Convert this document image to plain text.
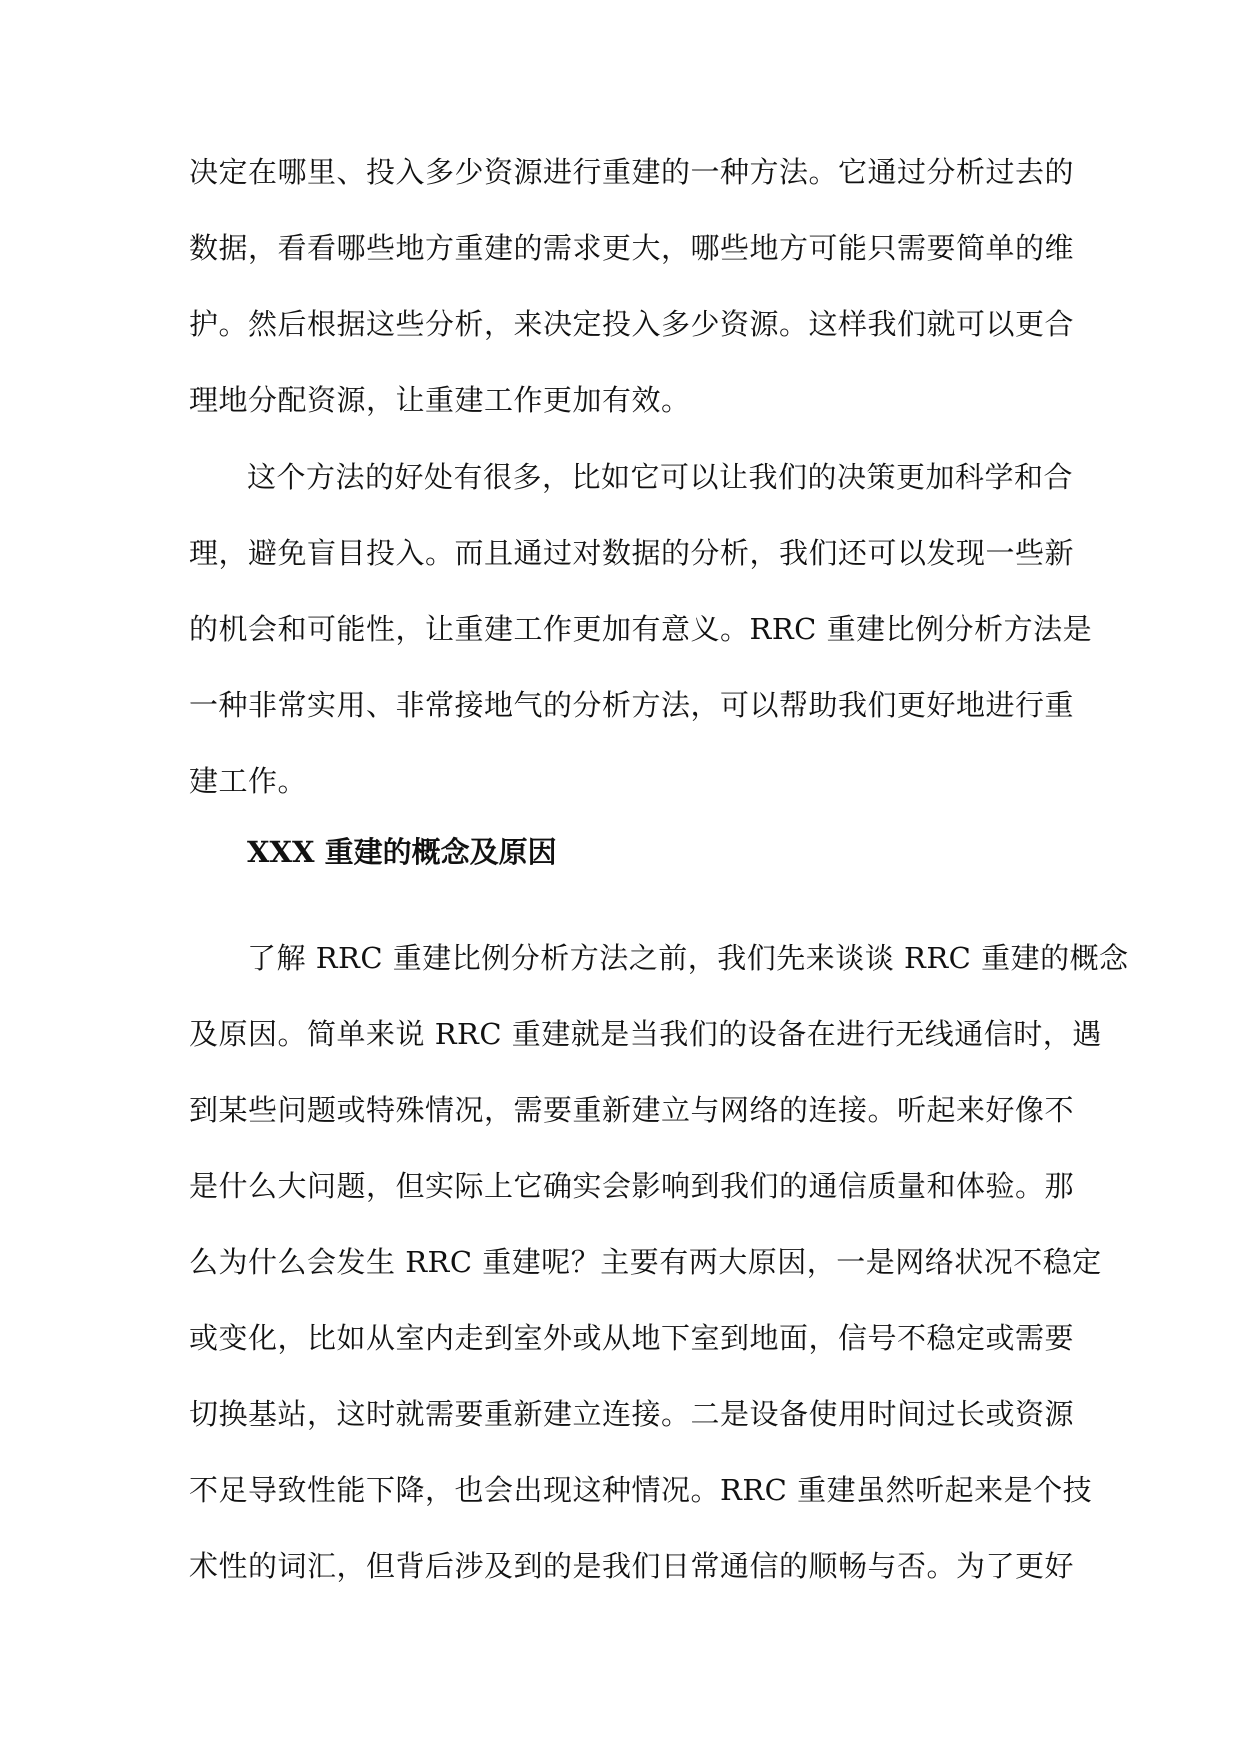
决定在哪里、投入多少资源进行重建的一种方法。它通过分析过去的
数据，看看哪些地方重建的需求更大，哪些地方可能只需要简单的维
护。然后根据这些分析，来决定投入多少资源。这样我们就可以更合
理地分配资源，让重建工作更加有效。
这个方法的好处有很多，比如它可以让我们的决策更加科学和合
理，避免盲目投入。而且通过对数据的分析，我们还可以发现一些新
的机会和可能性，让重建工作更加有意义。RRC 重建比例分析方法是
一种非常实用、非常接地气的分析方法，可以帮助我们更好地进行重
建工作。
XXX 重建的概念及原因
了解 RRC 重建比例分析方法之前，我们先来谈谈 RRC 重建的概念
及原因。简单来说 RRC 重建就是当我们的设备在进行无线通信时，遇
到某些问题或特殊情况，需要重新建立与网络的连接。听起来好像不
是什么大问题，但实际上它确实会影响到我们的通信质量和体验。那
么为什么会发生 RRC 重建呢？主要有两大原因，一是网络状况不稳定
或变化，比如从室内走到室外或从地下室到地面，信号不稳定或需要
切换基站，这时就需要重新建立连接。二是设备使用时间过长或资源
不足导致性能下降，也会出现这种情况。RRC 重建虽然听起来是个技
术性的词汇，但背后涉及到的是我们日常通信的顺畅与否。为了更好
